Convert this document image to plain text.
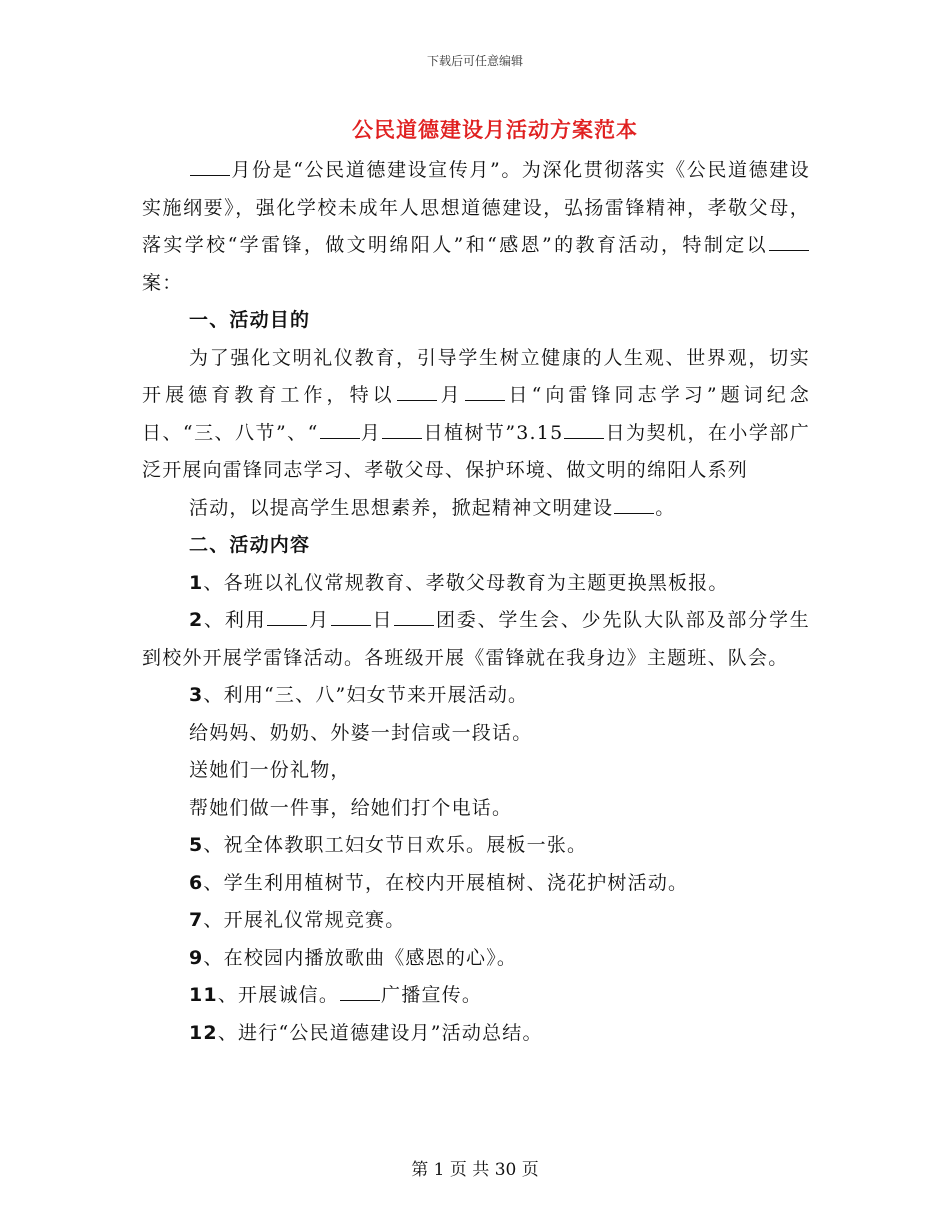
下载后可任意编辑
公民道德建设月活动方案范本

月份是“公民道德建设宣传月”。为深化贯彻落实《公民道德建设实施纲要》，强化学校未成年人思想道德建设，弘扬雷锋精神，孝敬父母，落实学校“学雷锋，做文明绵阳人”和“感恩”的教育活动，特制定以案：

一、活动目的

为了强化文明礼仪教育，引导学生树立健康的人生观、世界观，切实开展德育教育工作，特以 月 日“向雷锋同志学习”题词纪念日、“三、八节”、“ 月 日植树节”3.15 日为契机，在小学部广泛开展向雷锋同志学习、孝敬父母、保护环境、做文明的绵阳人系列

活动，以提高学生思想素养，掀起精神文明建设 。

二、活动内容

1、各班以礼仪常规教育、孝敬父母教育为主题更换黑板报。

2、利用 月 日 团委、学生会、少先队大队部及部分学生到校外开展学雷锋活动。各班级开展《雷锋就在我身边》主题班、队会。

3、利用“三、八”妇女节来开展活动。

给妈妈、奶奶、外婆一封信或一段话。

送她们一份礼物，

帮她们做一件事，给她们打个电话。

5、祝全体教职工妇女节日欢乐。展板一张。

6、学生利用植树节，在校内开展植树、浇花护树活动。

7、开展礼仪常规竞赛。

9、在校园内播放歌曲《感恩的心》。

11、开展诚信。 广播宣传。

12、进行“公民道德建设月”活动总结。

第 1 页 共 30 页
